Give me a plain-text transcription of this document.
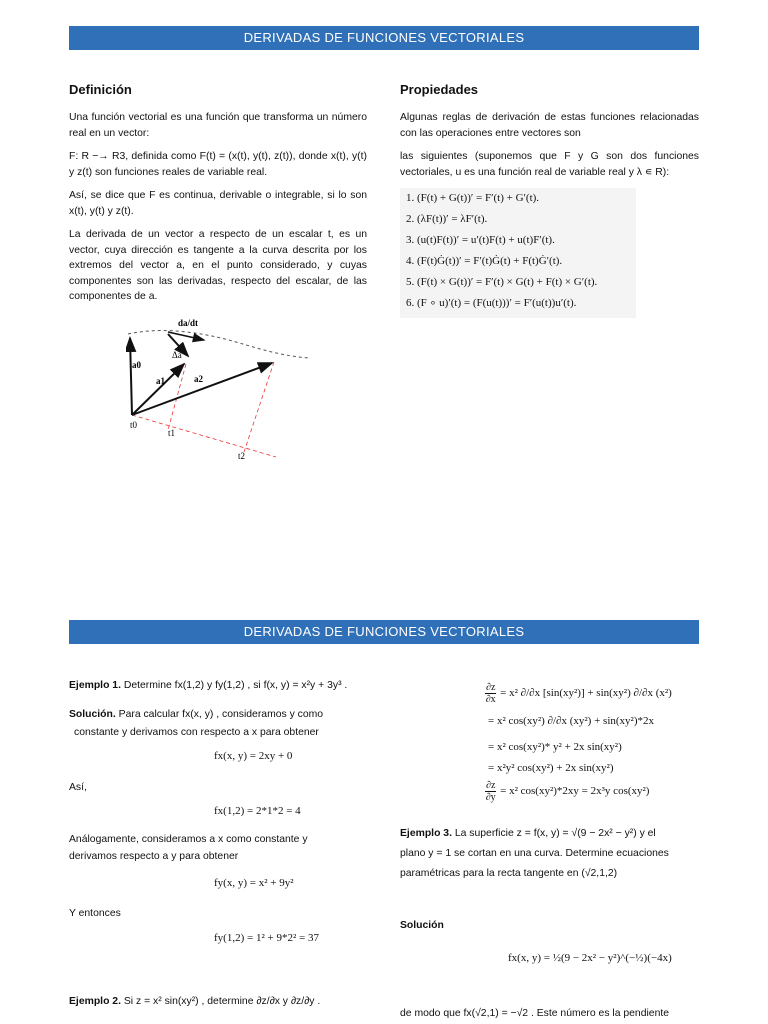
DERIVADAS DE FUNCIONES VECTORIALES
Definición

Una función vectorial es una función que transforma un número real en un vector:

F: R −→ R3, definida como F(t) = (x(t), y(t), z(t)), donde x(t), y(t) y z(t) son funciones reales de variable real.

Así, se dice que F es continua, derivable o integrable, si lo son x(t), y(t) y z(t).

La derivada de un vector a respecto de un escalar t, es un vector, cuya dirección es tangente a la curva descrita por los extremos del vector a, en el punto considerado, y cuyas componentes son las derivadas, respecto del escalar, de las componentes de a.

Propiedades

Algunas reglas de derivación de estas funciones relacionadas con las operaciones entre vectores son

las siguientes (suponemos que F y G son dos funciones vectoriales, u es una función real de variable real y λ ∊ R):

1. (F(t) + G(t))′ = F′(t) + G′(t).
2. (λF(t))′ = λF′(t).
3. (u(t)F(t))′ = u′(t)F(t) + u(t)F′(t).
4. (F(t)Ġ(t))′ = F′(t)Ġ(t) + F(t)Ġ′(t).
5. (F(t) × G(t))′ = F′(t) × G(t) + F(t) × G′(t).
6. (F ∘ u)′(t) = (F(u(t)))′ = F′(u(t))u′(t).
da/dt
Δa
a0
a1	a2
t0
t1
t2
DERIVADAS DE FUNCIONES VECTORIALES
Ejemplo 1. Determine fx(1,2) y fy(1,2) , si f(x, y) = x²y + 3y³ .
Solución. Para calcular fx(x, y) , consideramos y como
constante y derivamos con respecto a x para obtener
fx(x, y) = 2xy + 0
Así,
fx(1,2) = 2*1*2 = 4
Análogamente, consideramos a x como constante y
derivamos respecto a y para obtener
fy(x, y) = x² + 9y²
Y entonces
fy(1,2) = 1² + 9*2² = 37
Ejemplo 2. Si z = x² sin(xy²) , determine ∂z/∂x y ∂z/∂y .
$\frac{\partial z}{\partial x} = x^2$ ∂/∂x [sin(xy²)] + sin(xy²) ∂/∂x (x²)
= x² cos(xy²) ∂/∂x (xy²) + sin(xy²)*2x
= x² cos(xy²)* y² + 2x sin(xy²)
= x²y² cos(xy²) + 2x sin(xy²)
$\frac{\partial z}{\partial y} = x^2$ cos(xy²)*2xy = 2x³y cos(xy²)
Ejemplo 3. La superficie z = f(x, y) = √(9 − 2x² − y²) y el
plano y = 1 se cortan en una curva. Determine ecuaciones
paramétricas para la recta tangente en (√2,1,2)
Solución
fx(x, y) = ½(9 − 2x² − y²)^(−½)(−4x)
de modo que fx(√2,1) = −√2 . Este número es la pendiente
